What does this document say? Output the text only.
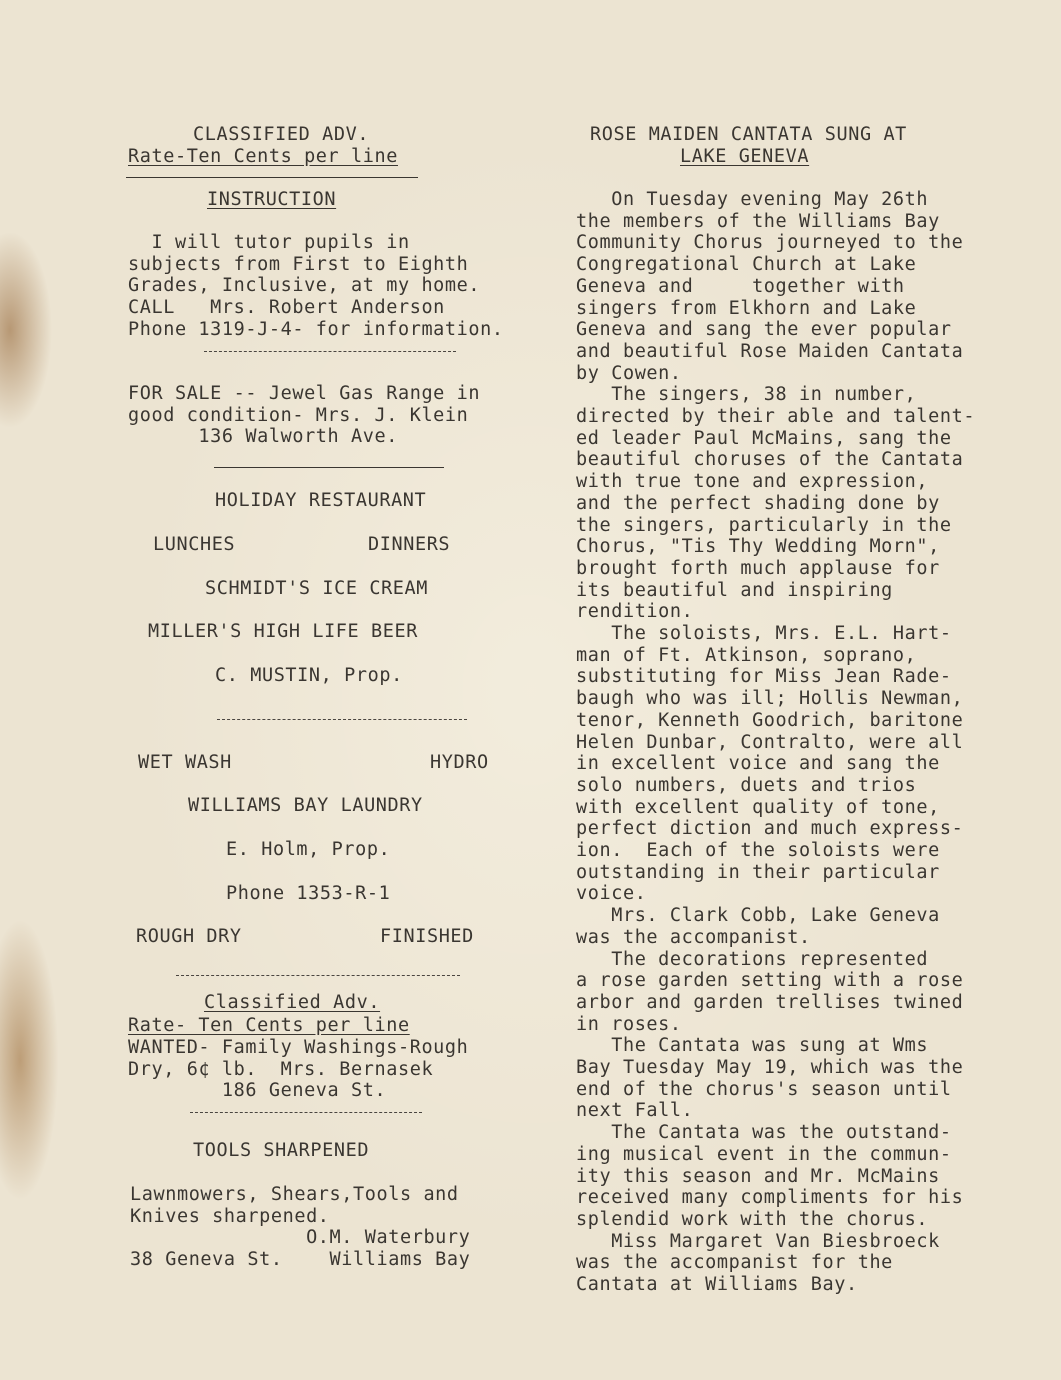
CLASSIFIED ADV.
Rate-Ten Cents per line
INSTRUCTION
I will tutor pupils in
subjects from First to Eighth
Grades, Inclusive, at my home.
CALL   Mrs. Robert Anderson
Phone 1319-J-4- for information.
FOR SALE -- Jewel Gas Range in
good condition- Mrs. J. Klein
136 Walworth Ave.
HOLIDAY RESTAURANT
LUNCHES	DINNERS
SCHMIDT'S ICE CREAM
MILLER'S HIGH LIFE BEER
C. MUSTIN, Prop.
WET WASH	HYDRO
WILLIAMS BAY LAUNDRY
E. Holm, Prop.
Phone 1353-R-1
ROUGH DRY	FINISHED
Classified Adv.
Rate- Ten Cents per line
WANTED- Family Washings-Rough
Dry, 6¢ lb.  Mrs. Bernasek
186 Geneva St.
TOOLS SHARPENED
Lawnmowers, Shears,Tools and
Knives sharpened.
O.M. Waterbury
38 Geneva St.    Williams Bay
ROSE MAIDEN CANTATA SUNG AT
LAKE GENEVA
On Tuesday evening May 26th
the members of the Williams Bay
Community Chorus journeyed to the
Congregational Church at Lake
Geneva and     together with
singers from Elkhorn and Lake
Geneva and sang the ever popular
and beautiful Rose Maiden Cantata
by Cowen.
The singers, 38 in number,
directed by their able and talent-
ed leader Paul McMains, sang the
beautiful choruses of the Cantata
with true tone and expression,
and the perfect shading done by
the singers, particularly in the
Chorus, "Tis Thy Wedding Morn",
brought forth much applause for
its beautiful and inspiring
rendition.
The soloists, Mrs. E.L. Hart-
man of Ft. Atkinson, soprano,
substituting for Miss Jean Rade-
baugh who was ill; Hollis Newman,
tenor, Kenneth Goodrich, baritone
Helen Dunbar, Contralto, were all
in excellent voice and sang the
solo numbers, duets and trios
with excellent quality of tone,
perfect diction and much express-
ion.  Each of the soloists were
outstanding in their particular
voice.
Mrs. Clark Cobb, Lake Geneva
was the accompanist.
The decorations represented
a rose garden setting with a rose
arbor and garden trellises twined
in roses.
The Cantata was sung at Wms
Bay Tuesday May 19, which was the
end of the chorus's season until
next Fall.
The Cantata was the outstand-
ing musical event in the commun-
ity this season and Mr. McMains
received many compliments for his
splendid work with the chorus.
Miss Margaret Van Biesbroeck
was the accompanist for the
Cantata at Williams Bay.
